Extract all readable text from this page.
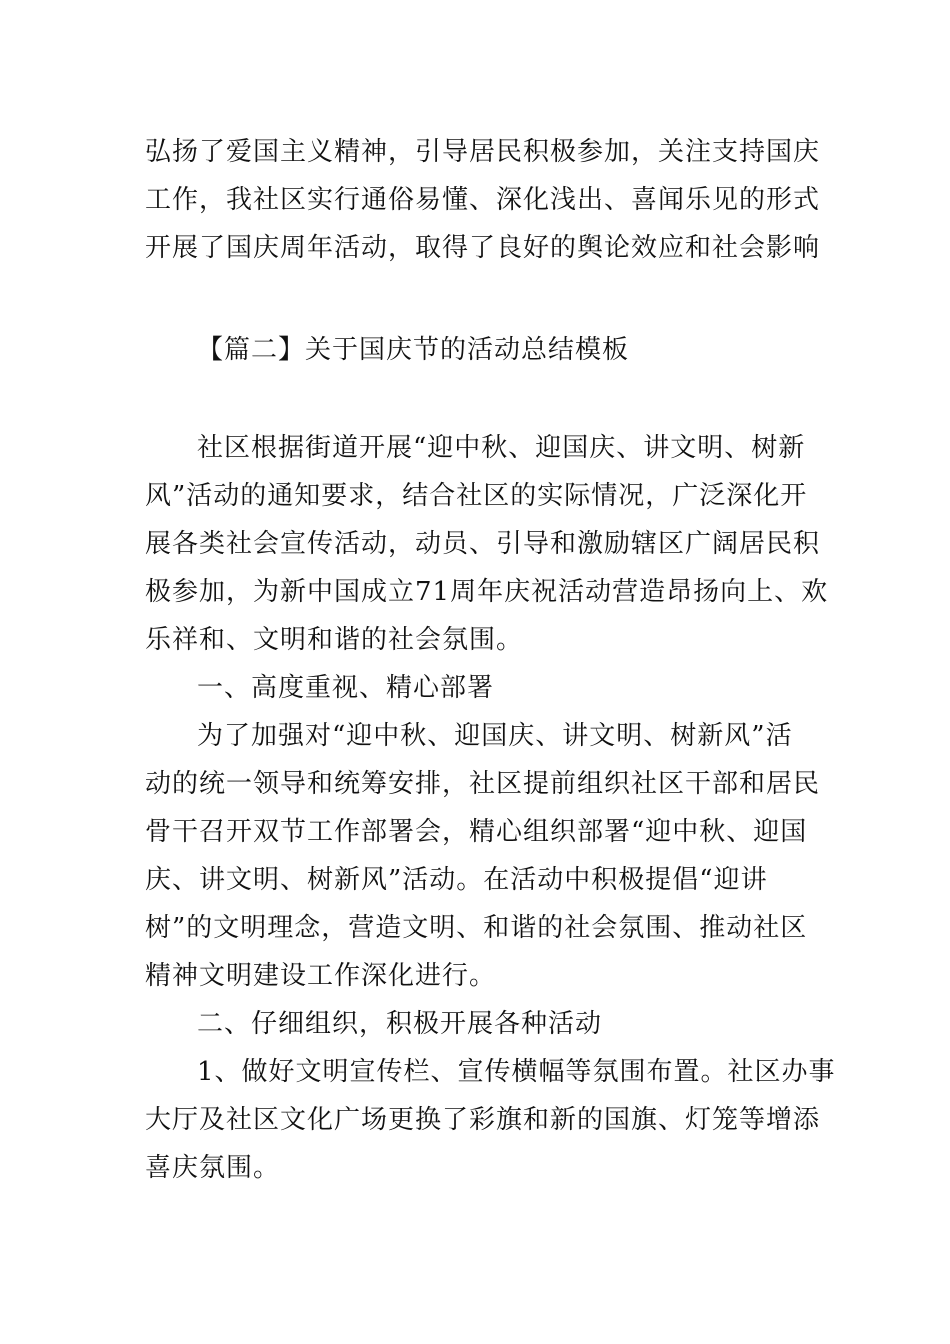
弘扬了爱国主义精神，引导居民积极参加，关注支持国庆
工作，我社区实行通俗易懂、深化浅出、喜闻乐见的形式
开展了国庆周年活动，取得了良好的舆论效应和社会影响
【篇二】关于国庆节的活动总结模板
社区根据街道开展“迎中秋、迎国庆、讲文明、树新
风”活动的通知要求，结合社区的实际情况，广泛深化开
展各类社会宣传活动，动员、引导和激励辖区广阔居民积
极参加，为新中国成立71周年庆祝活动营造昂扬向上、欢
乐祥和、文明和谐的社会氛围。
一、高度重视、精心部署
为了加强对“迎中秋、迎国庆、讲文明、树新风”活
动的统一领导和统筹安排，社区提前组织社区干部和居民
骨干召开双节工作部署会，精心组织部署“迎中秋、迎国
庆、讲文明、树新风”活动。在活动中积极提倡“迎讲
树”的文明理念，营造文明、和谐的社会氛围、推动社区
精神文明建设工作深化进行。
二、仔细组织，积极开展各种活动
1、做好文明宣传栏、宣传横幅等氛围布置。社区办事
大厅及社区文化广场更换了彩旗和新的国旗、灯笼等增添
喜庆氛围。
